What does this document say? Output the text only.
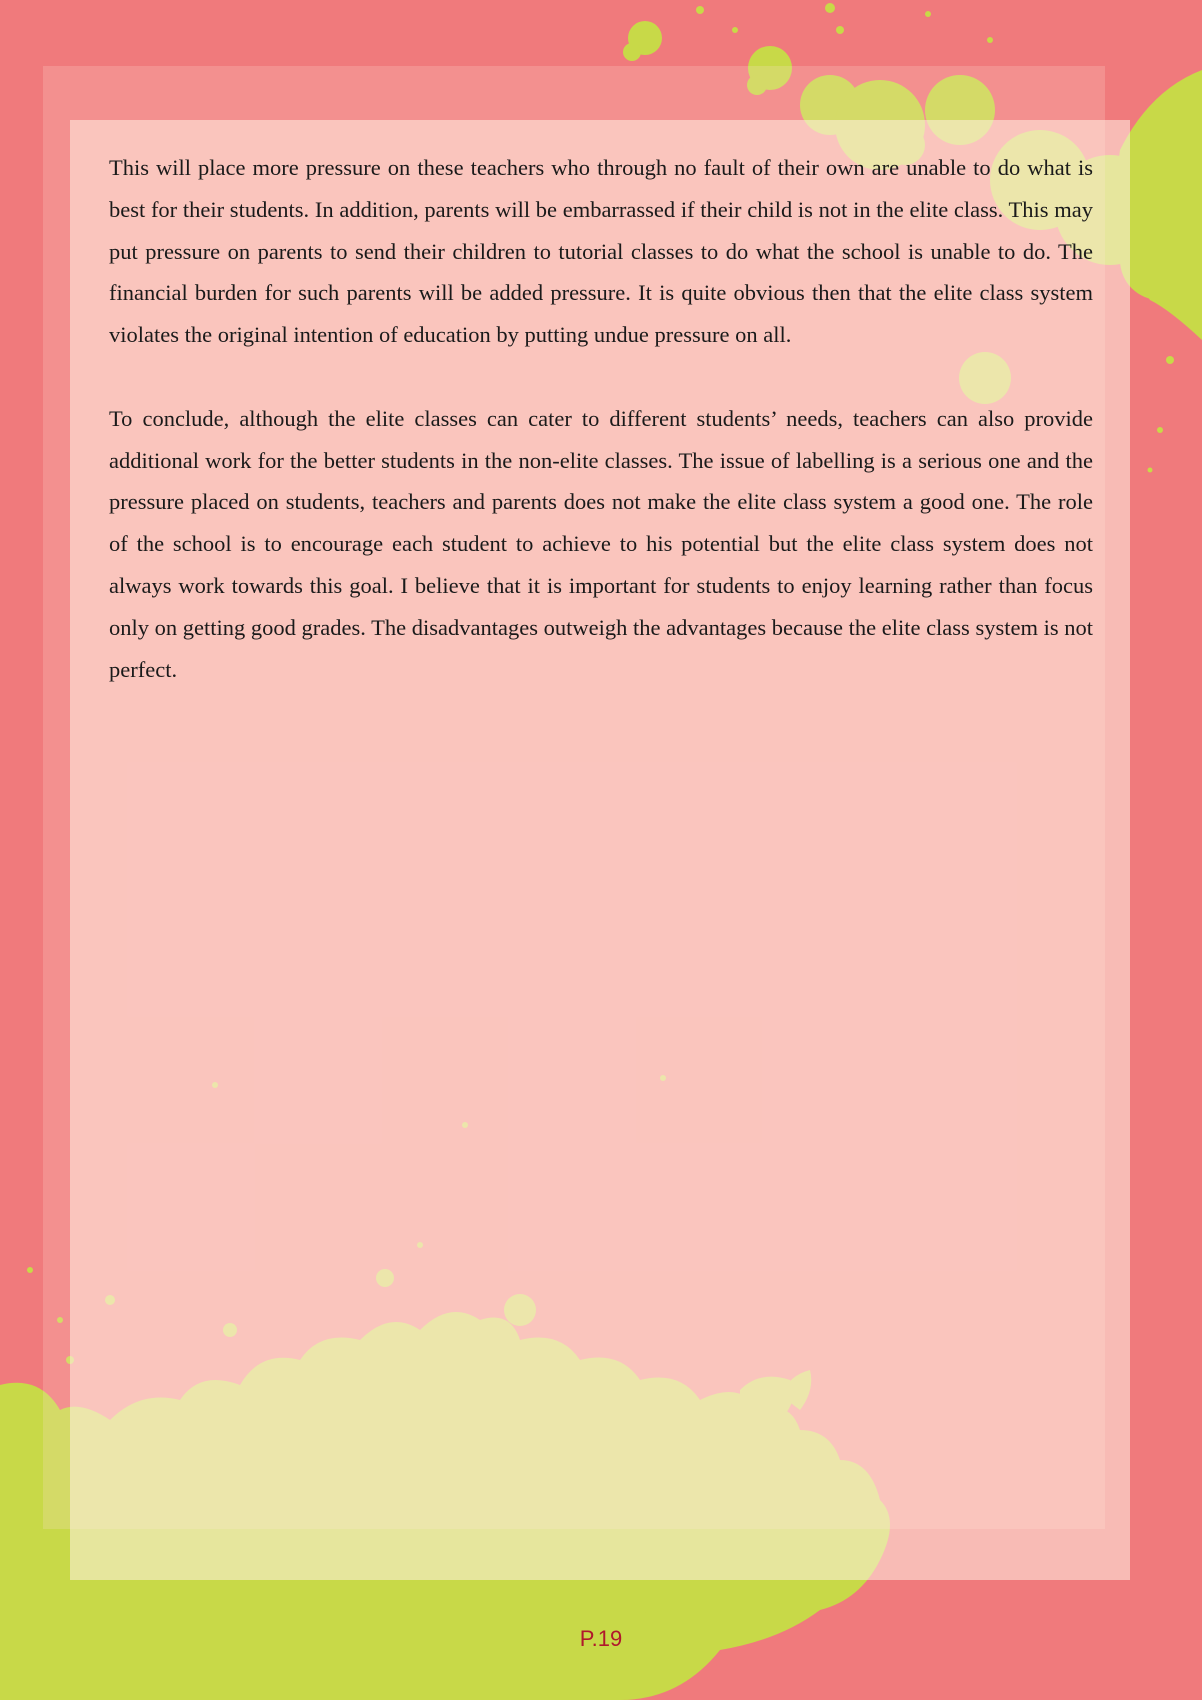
This will place more pressure on these teachers who through no fault of their own are unable to do what is best for their students. In addition, parents will be embarrassed if their child is not in the elite class. This may put pressure on parents to send their children to tutorial classes to do what the school is unable to do. The financial burden for such parents will be added pressure. It is quite obvious then that the elite class system violates the original intention of education by putting undue pressure on all.

To conclude, although the elite classes can cater to different students’ needs, teachers can also provide additional work for the better students in the non-elite classes. The issue of labelling is a serious one and the pressure placed on students, teachers and parents does not make the elite class system a good one. The role of the school is to encourage each student to achieve to his potential but the elite class system does not always work towards this goal. I believe that it is important for students to enjoy learning rather than focus only on getting good grades. The disadvantages outweigh the advantages because the elite class system is not perfect.

P.19
